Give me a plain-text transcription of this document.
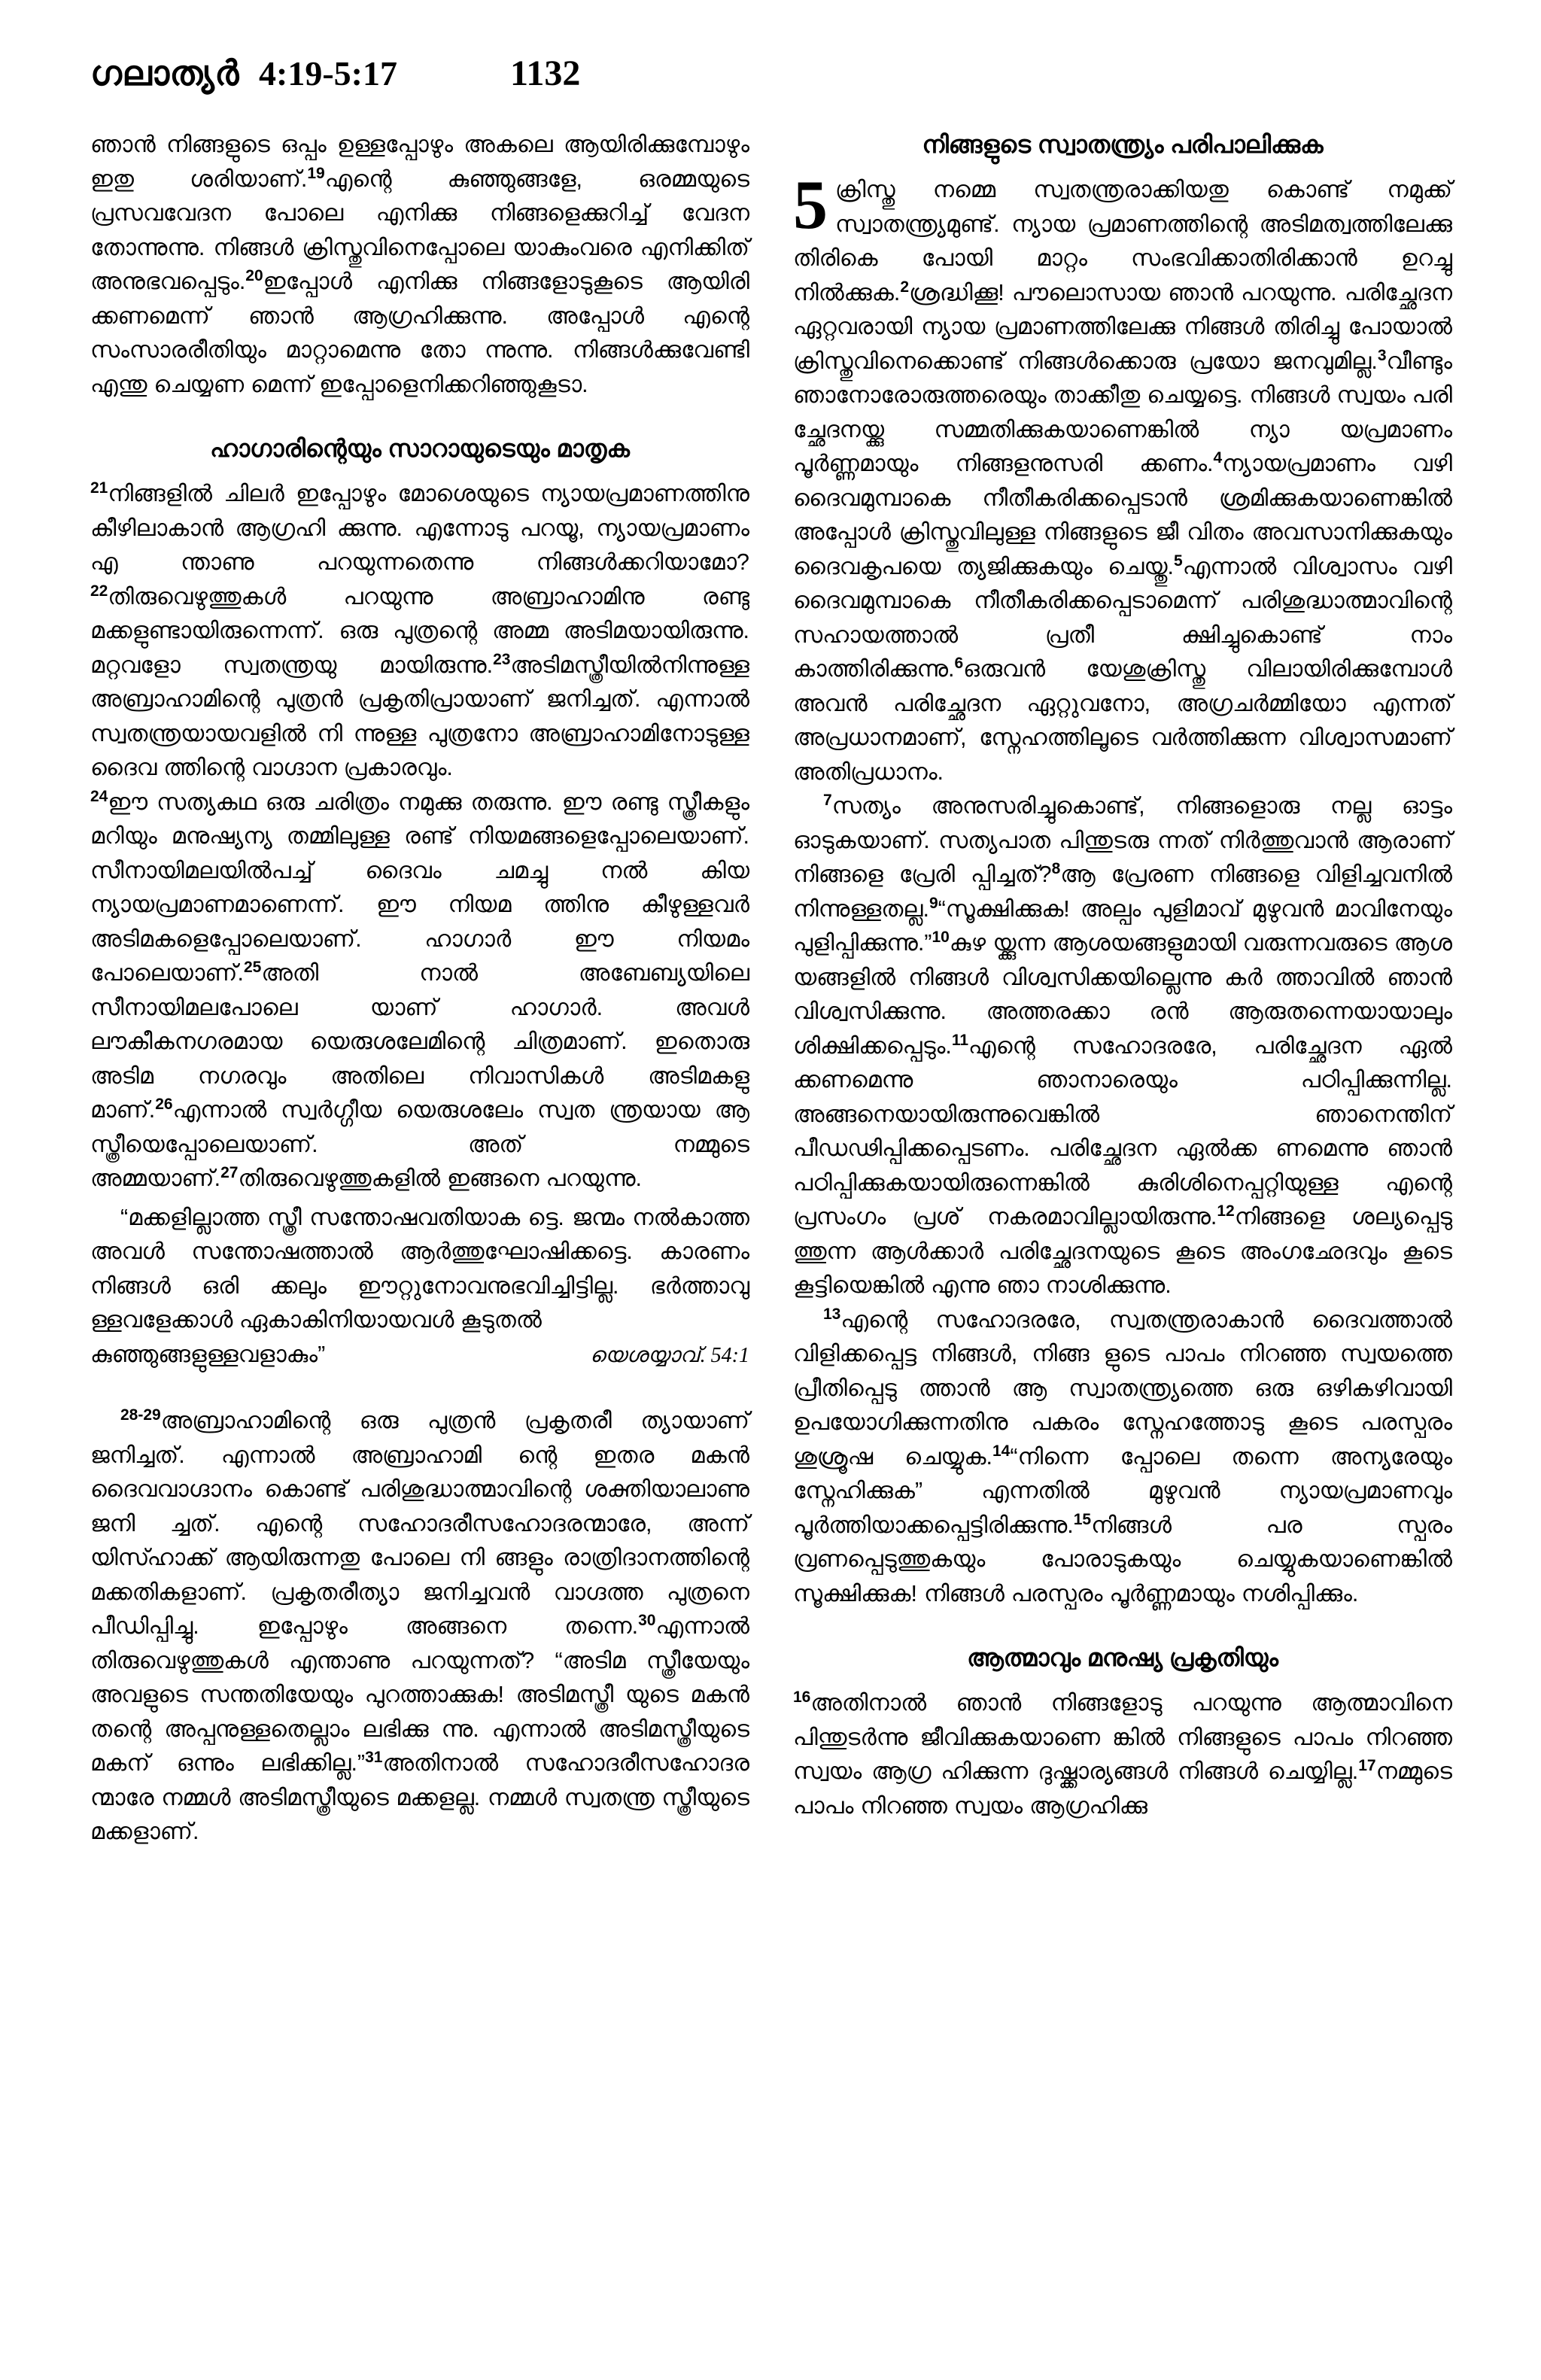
ഗലാത്യർ 4:19-5:17	1132

ഞാൻ നിങ്ങളുടെ ഒപ്പം ഉള്ളപ്പോഴും അകലെ ആയിരിക്കുമ്പോഴും ഇതു ശരിയാണ്.$^{19}$എന്റെ കുഞ്ഞുങ്ങളേ, ഒരമ്മയുടെ പ്രസവവേദന പോലെ എനിക്കു നിങ്ങളെക്കുറിച്ച് വേദന തോന്നുന്നു. നിങ്ങൾ ക്രിസ്തുവിനെപ്പോലെ യാകുംവരെ എനിക്കിത് അനുഭവപ്പെടും.$^{20}$ഇപ്പോൾ എനിക്കു നിങ്ങളോടുകൂടെ ആയിരി ക്കണമെന്ന് ഞാൻ ആഗ്രഹിക്കുന്നു. അപ്പോൾ എന്റെ സംസാരരീതിയും മാറ്റാമെന്നു തോ ന്നുന്നു. നിങ്ങൾക്കുവേണ്ടി എന്തു ചെയ്യണ മെന്ന് ഇപ്പോളെനിക്കറിഞ്ഞുകൂടാ.

ഹാഗാരിന്റെയും സാറായുടെയും മാതൃക

$^{21}$നിങ്ങളിൽ ചിലർ ഇപ്പോഴും മോശെയുടെ ന്യായപ്രമാണത്തിനു കീഴിലാകാൻ ആഗ്രഹി ക്കുന്നു. എന്നോടു പറയൂ, ന്യായപ്രമാണം എ ന്താണു പറയുന്നതെന്നു നിങ്ങൾക്കറിയാമോ?$^{22}$തിരുവെഴുത്തുകൾ പറയുന്നു അബ്രാഹാമിനു രണ്ടു മക്കളുണ്ടായിരുന്നെന്ന്. ഒരു പുത്രന്റെ അമ്മ അടിമയായിരുന്നു. മറ്റവളോ സ്വതന്ത്രയു മായിരുന്നു.$^{23}$അടിമസ്ത്രീയിൽനിന്നുള്ള അബ്രാഹാമിന്റെ പുത്രൻ പ്രകൃതിപ്രായാണ് ജനിച്ചത്. എന്നാൽ സ്വതന്ത്രയായവളിൽ നി ന്നുള്ള പുത്രനോ അബ്രാഹാമിനോടുള്ള ദൈവ ത്തിന്റെ വാഗ്ദാന പ്രകാരവും.

$^{24}$ഈ സത്യകഥ ഒരു ചരിത്രം നമുക്കു തരുന്നു. ഈ രണ്ടു സ്ത്രീകളും മറിയും മനുഷ്യന്യ തമ്മിലുള്ള രണ്ട് നിയമങ്ങളെപ്പോലെയാണ്. സീനായിമലയിൽപച്ച് ദൈവം ചമച്ചു നൽ കിയ ന്യായപ്രമാണമാണെന്ന്. ഈ നിയമ ത്തിനു കീഴുള്ളവർ അടിമകളെപ്പോലെയാണ്. ഹാഗാർ ഈ നിയമം പോലെയാണ്.$^{25}$അതി നാൽ അബേബ്യയിലെ സീനായിമലപോലെ യാണ് ഹാഗാർ. അവൾ ലൗകീകനഗരമായ യെരുശലേമിന്റെ ചിത്രമാണ്. ഇതൊരു അടിമ നഗരവും അതിലെ നിവാസികൾ അടിമകളു മാണ്.$^{26}$എന്നാൽ സ്വർഗ്ഗീയ യെരുശലേം സ്വത ന്ത്രയായ ആ സ്ത്രീയെപ്പോലെയാണ്. അത് നമ്മുടെ അമ്മയാണ്.$^{27}$തിരുവെഴുത്തുകളിൽ ഇങ്ങനെ പറയുന്നു.

“മക്കളില്ലാത്ത സ്ത്രീ സന്തോഷവതിയാക ട്ടെ. ജന്മം നൽകാത്ത അവൾ സന്തോഷത്താൽ ആർത്തുഘോഷിക്കട്ടെ. കാരണം നിങ്ങൾ ഒരി ക്കലും ഈറ്റുനോവനുഭവിച്ചിട്ടില്ല. ഭർത്താവു ള്ളവളേക്കാൾ ഏകാകിനിയായവൾ കൂടുതൽ

കുഞ്ഞുങ്ങളുള്ളവളാകും”	യെശയ്യാവ്. 54:1

$^{28-29}$അബ്രാഹാമിന്റെ ഒരു പുത്രൻ പ്രകൃതരീ ത്യായാണ് ജനിച്ചത്. എന്നാൽ അബ്രാഹാമി ന്റെ ഇതര മകൻ ദൈവവാഗ്ദാനം കൊണ്ട് പരിശുദ്ധാത്മാവിന്റെ ശക്തിയാലാണു ജനി ച്ചത്. എന്റെ സഹോദരീസഹോദരന്മാരേ, അന്ന് യിസ്ഹാക്ക് ആയിരുന്നതു പോലെ നി ങ്ങളും രാത്രിദാനത്തിന്റെ മക്കതികളാണ്. പ്രകൃതരീത്യാ ജനിച്ചവൻ വാഗ്ദത്ത പുത്രനെ പീഡിപ്പിച്ചു. ഇപ്പോഴും അങ്ങനെ തന്നെ.$^{30}$എന്നാൽ തിരുവെഴുത്തുകൾ എന്താണു പറയുന്നത്? “അടിമ സ്ത്രീയേയും അവളുടെ സന്തതിയേയും പുറത്താക്കുക! അടിമസ്ത്രീ യുടെ മകൻ തന്റെ അപ്പനുള്ളതെല്ലാം ലഭിക്കു ന്നു. എന്നാൽ അടിമസ്ത്രീയുടെ മകന് ഒന്നും ലഭിക്കില്ല.”$^{31}$അതിനാൽ സഹോദരീസഹോദര ന്മാരേ നമ്മൾ അടിമസ്ത്രീയുടെ മക്കളല്ല. നമ്മൾ സ്വതന്ത്ര സ്ത്രീയുടെ മക്കളാണ്.

നിങ്ങളുടെ സ്വാതന്ത്ര്യം പരിപാലിക്കുക

5 ക്രിസ്തു നമ്മെ സ്വതന്ത്രരാക്കിയതു കൊണ്ട് നമുക്ക് സ്വാതന്ത്ര്യമുണ്ട്. ന്യായ പ്രമാണത്തിന്റെ അടിമത്വത്തിലേക്കു തിരികെ പോയി മാറ്റം സംഭവിക്കാതിരിക്കാൻ ഉറച്ചു നിൽക്കുക.$^2$ശ്രദ്ധിക്കൂ! പൗലൊസായ ഞാൻ പറയുന്നു. പരിച്ഛേദന ഏറ്റവരായി ന്യായ പ്രമാണത്തിലേക്കു നിങ്ങൾ തിരിച്ചു പോയാൽ ക്രിസ്തുവിനെക്കൊണ്ട് നിങ്ങൾക്കൊരു പ്രയോ ജനവുമില്ല.$^3$വീണ്ടും ഞാനോരോരുത്തരെയും താക്കീതു ചെയ്യട്ടെ. നിങ്ങൾ സ്വയം പരി ച്ഛേദനയ്ക്കു സമ്മതിക്കുകയാണെങ്കിൽ ന്യാ യപ്രമാണം പൂർണ്ണമായും നിങ്ങളനുസരി ക്കണം.$^4$ന്യായപ്രമാണം വഴി ദൈവമുമ്പാകെ നീതീകരിക്കപ്പെടാൻ ശ്രമിക്കുകയാണെങ്കിൽ അപ്പോൾ ക്രിസ്തുവിലുള്ള നിങ്ങളുടെ ജീ വിതം അവസാനിക്കുകയും ദൈവകൃപയെ ത്യജിക്കുകയും ചെയ്തു.$^5$എന്നാൽ വിശ്വാസം വഴി ദൈവമുമ്പാകെ നീതീകരിക്കപ്പെടാമെന്ന് പരിശുദ്ധാത്മാവിന്റെ സഹായത്താൽ പ്രതീ ക്ഷിച്ചുകൊണ്ട് നാം കാത്തിരിക്കുന്നു.$^6$ഒരുവൻ യേശുക്രിസ്തു വിലായിരിക്കുമ്പോൾ അവൻ പരിച്ഛേദന ഏറ്റുവനോ, അഗ്രചർമ്മിയോ എന്നത് അപ്രധാനമാണ്, സ്നേഹത്തിലൂടെ വർത്തിക്കുന്ന വിശ്വാസമാണ് അതിപ്രധാനം.

$^7$സത്യം അനുസരിച്ചുകൊണ്ട്, നിങ്ങളൊരു നല്ല ഓട്ടം ഓടുകയാണ്. സത്യപാത പിന്തുടരു ന്നത് നിർത്തുവാൻ ആരാണ് നിങ്ങളെ പ്രേരി പ്പിച്ചത്?$^8$ആ പ്രേരണ നിങ്ങളെ വിളിച്ചവനിൽ നിന്നുള്ളതല്ല.$^9$“സൂക്ഷിക്കുക! അല്പം പുളിമാവ് മുഴുവൻ മാവിനേയും പുളിപ്പിക്കുന്നു.”$^{10}$കുഴ യ്ക്കുന്ന ആശയങ്ങളുമായി വരുന്നവരുടെ ആശ യങ്ങളിൽ നിങ്ങൾ വിശ്വസിക്കയില്ലെന്നു കർ ത്താവിൽ ഞാൻ വിശ്വസിക്കുന്നു. അത്തരക്കാ രൻ ആരുതന്നെയായാലും ശിക്ഷിക്കപ്പെടും.$^{11}$എന്റെ സഹോദരരേ, പരിച്ഛേദന ഏൽ ക്കണമെന്നു ഞാനാരെയും പഠിപ്പിക്കുന്നില്ല. അങ്ങനെയായിരുന്നുവെങ്കിൽ ഞാനെന്തിന് പീഡഢിപ്പിക്കപ്പെടണം. പരിച്ഛേദന ഏൽക്ക ണമെന്നു ഞാൻ പഠിപ്പിക്കുകയായിരുന്നെങ്കിൽ കുരിശിനെപ്പറ്റിയുള്ള എന്റെ പ്രസംഗം പ്രശ് നകരമാവില്ലായിരുന്നു.$^{12}$നിങ്ങളെ ശല്യപ്പെടു ത്തുന്ന ആൾക്കാർ പരിച്ഛേദനയുടെ കൂടെ അംഗഛേദവും കൂടെ കൂട്ടിയെങ്കിൽ എന്നു ഞാ നാശിക്കുന്നു.

$^{13}$എന്റെ സഹോദരരേ, സ്വതന്ത്രരാകാൻ ദൈവത്താൽ വിളിക്കപ്പെട്ട നിങ്ങൾ, നിങ്ങ ളുടെ പാപം നിറഞ്ഞ സ്വയത്തെ പ്രീതിപ്പെടു ത്താൻ ആ സ്വാതന്ത്ര്യത്തെ ഒരു ഒഴികഴിവായി ഉപയോഗിക്കുന്നതിനു പകരം സ്നേഹത്തോടു കൂടെ പരസ്പരം ശുശ്രൂഷ ചെയ്യുക.$^{14}$“നിന്നെ പ്പോലെ തന്നെ അന്യരേയും സ്നേഹിക്കുക” എന്നതിൽ മുഴുവൻ ന്യായപ്രമാണവും പൂർത്തിയാക്കപ്പെട്ടിരിക്കുന്നു.$^{15}$നിങ്ങൾ പര സ്പരം വ്രണപ്പെടുത്തുകയും പോരാടുകയും ചെയ്യുകയാണെങ്കിൽ സൂക്ഷിക്കുക! നിങ്ങൾ പരസ്പരം പൂർണ്ണമായും നശിപ്പിക്കും.

ആത്മാവും മനുഷ്യ പ്രകൃതിയും

$^{16}$അതിനാൽ ഞാൻ നിങ്ങളോടു പറയുന്നു ആത്മാവിനെ പിന്തുടർന്നു ജീവിക്കുകയാണെ ങ്കിൽ നിങ്ങളുടെ പാപം നിറഞ്ഞ സ്വയം ആഗ്ര ഹിക്കുന്ന ദുഷ്ക്കാര്യങ്ങൾ നിങ്ങൾ ചെയ്യില്ല.$^{17}$നമ്മുടെ പാപം നിറഞ്ഞ സ്വയം ആഗ്രഹിക്കു
